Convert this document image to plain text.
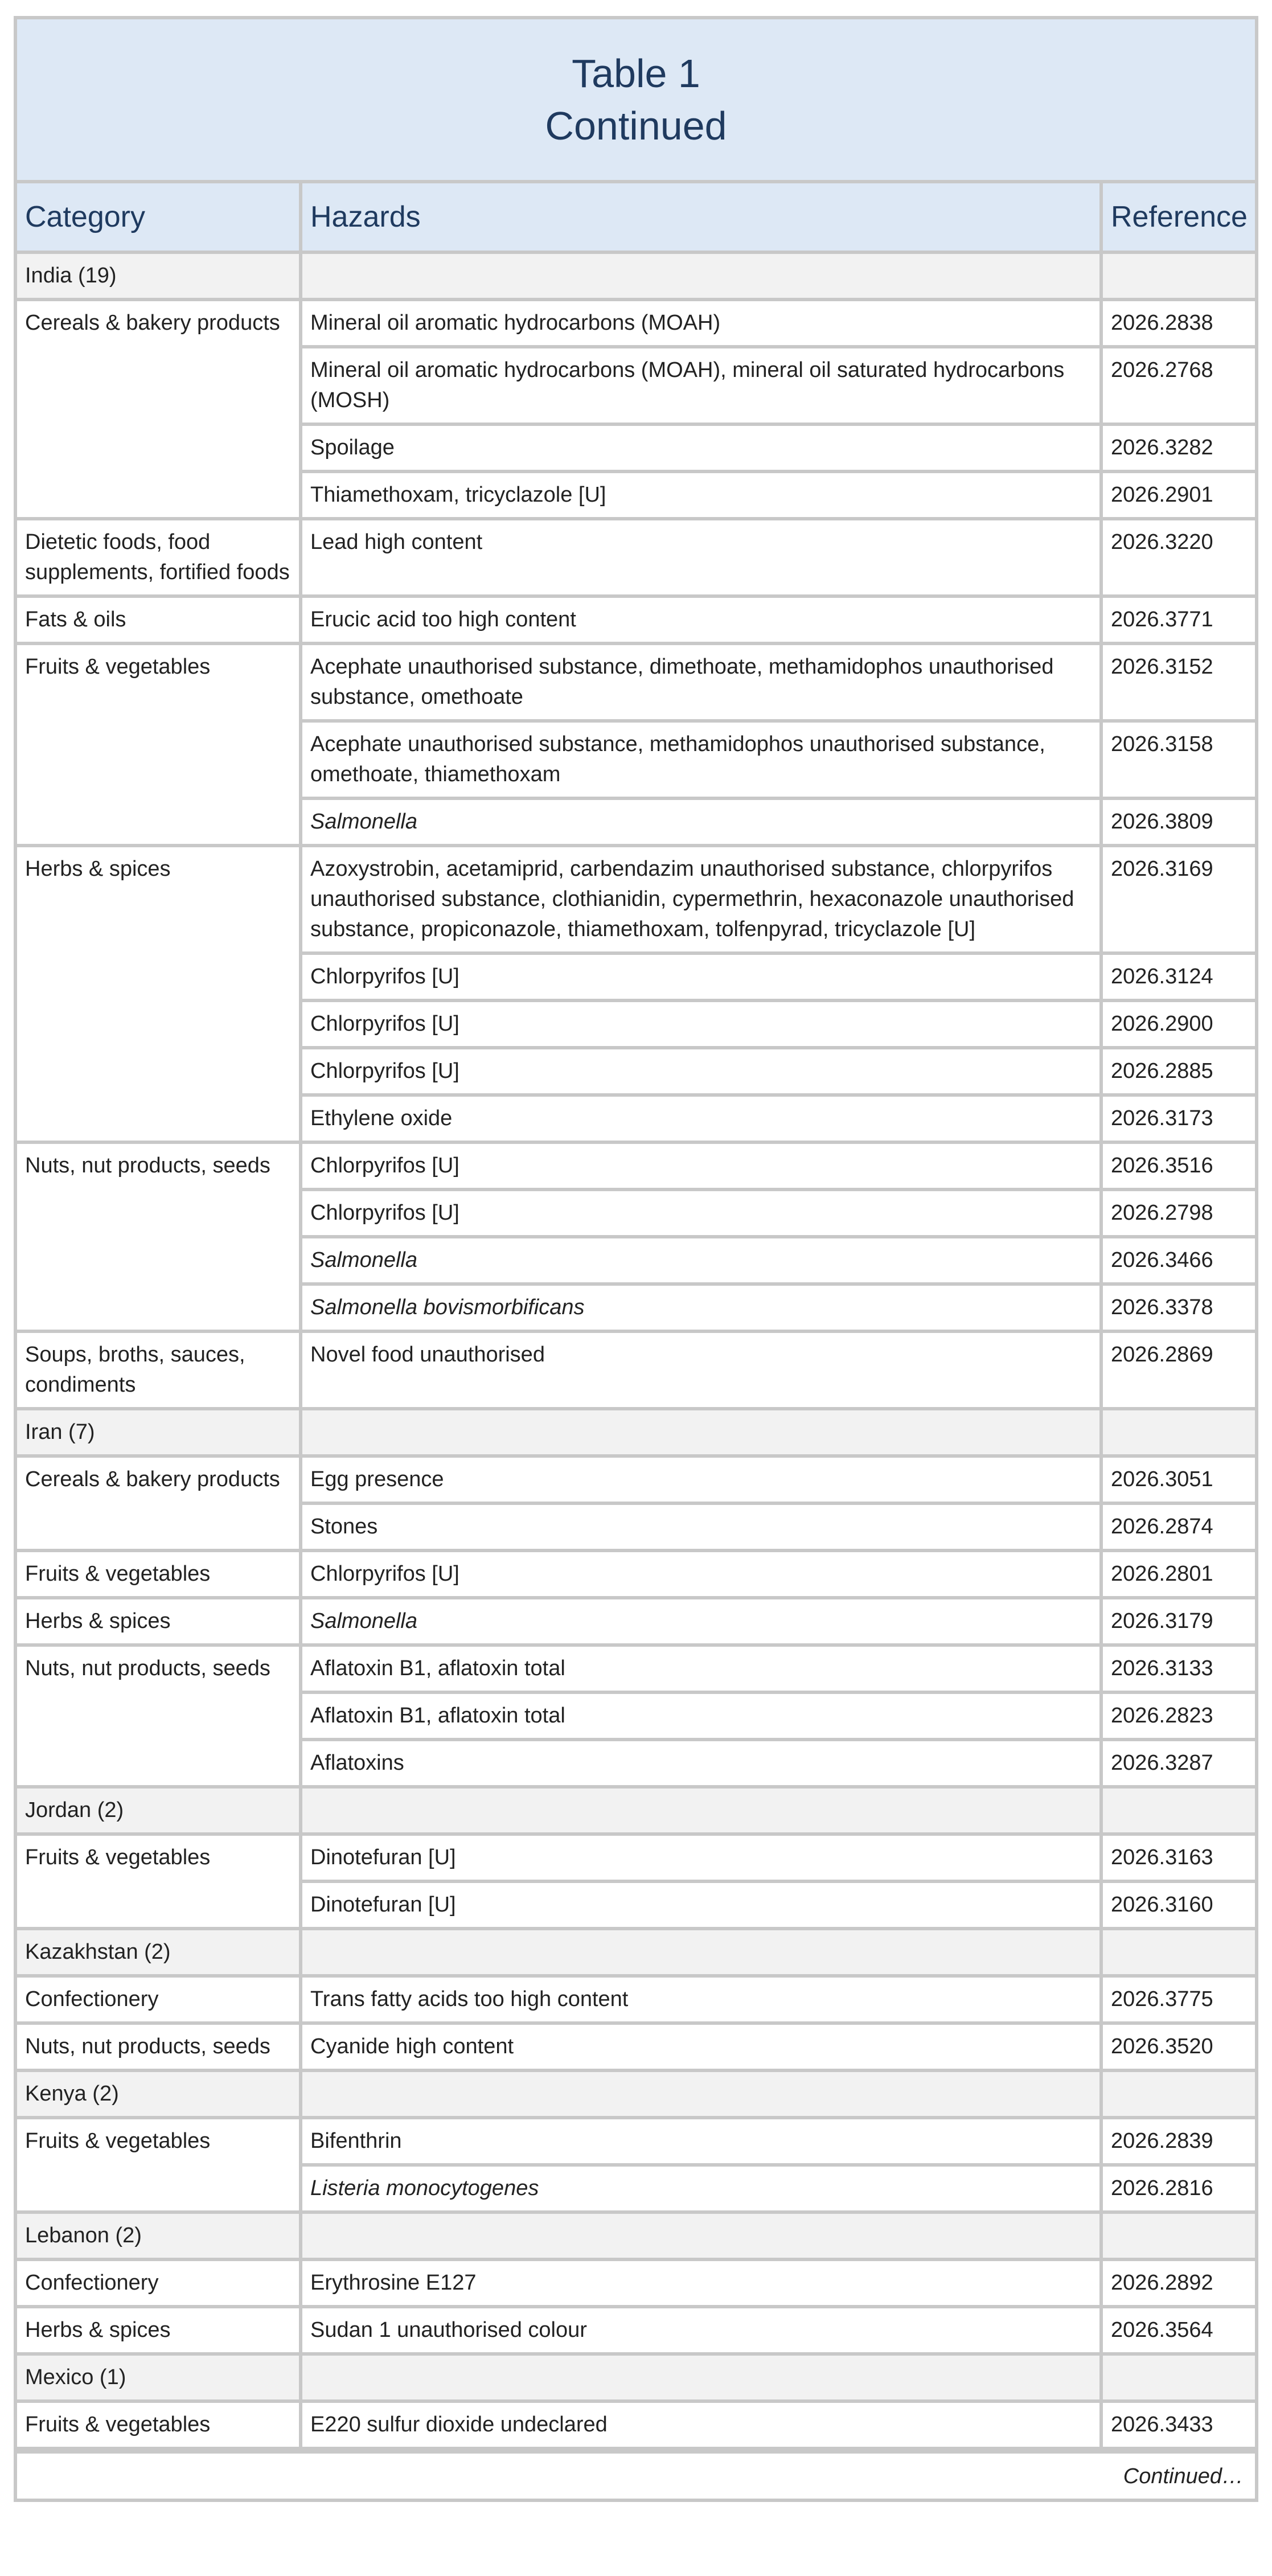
Table 1
Continued
Category	Hazards	Reference
India (19)		
Cereals & bakery products	Mineral oil aromatic hydrocarbons (MOAH)	2026.2838
	Mineral oil aromatic hydrocarbons (MOAH), mineral oil saturated hydrocarbons (MOSH)	2026.2768
	Spoilage	2026.3282
	Thiamethoxam, tricyclazole [U]	2026.2901
Dietetic foods, food supplements, fortified foods	Lead high content	2026.3220
Fats & oils	Erucic acid too high content	2026.3771
Fruits & vegetables	Acephate unauthorised substance, dimethoate, methamidophos unauthorised substance, omethoate	2026.3152
	Acephate unauthorised substance, methamidophos unauthorised substance, omethoate, thiamethoxam	2026.3158
	Salmonella	2026.3809
Herbs & spices	Azoxystrobin, acetamiprid, carbendazim unauthorised substance, chlorpyrifos unauthorised substance, clothianidin, cypermethrin, hexaconazole unauthorised substance, propiconazole, thiamethoxam, tolfenpyrad, tricyclazole [U]	2026.3169
	Chlorpyrifos [U]	2026.3124
	Chlorpyrifos [U]	2026.2900
	Chlorpyrifos [U]	2026.2885
	Ethylene oxide	2026.3173
Nuts, nut products, seeds	Chlorpyrifos [U]	2026.3516
	Chlorpyrifos [U]	2026.2798
	Salmonella	2026.3466
	Salmonella bovismorbificans	2026.3378
Soups, broths, sauces, condiments	Novel food unauthorised	2026.2869
Iran (7)		
Cereals & bakery products	Egg presence	2026.3051
	Stones	2026.2874
Fruits & vegetables	Chlorpyrifos [U]	2026.2801
Herbs & spices	Salmonella	2026.3179
Nuts, nut products, seeds	Aflatoxin B1, aflatoxin total	2026.3133
	Aflatoxin B1, aflatoxin total	2026.2823
	Aflatoxins	2026.3287
Jordan (2)		
Fruits & vegetables	Dinotefuran [U]	2026.3163
	Dinotefuran [U]	2026.3160
Kazakhstan (2)		
Confectionery	Trans fatty acids too high content	2026.3775
Nuts, nut products, seeds	Cyanide high content	2026.3520
Kenya (2)		
Fruits & vegetables	Bifenthrin	2026.2839
	Listeria monocytogenes	2026.2816
Lebanon (2)		
Confectionery	Erythrosine E127	2026.2892
Herbs & spices	Sudan 1 unauthorised colour	2026.3564
Mexico (1)		
Fruits & vegetables	E220 sulfur dioxide undeclared	2026.3433
Continued…
